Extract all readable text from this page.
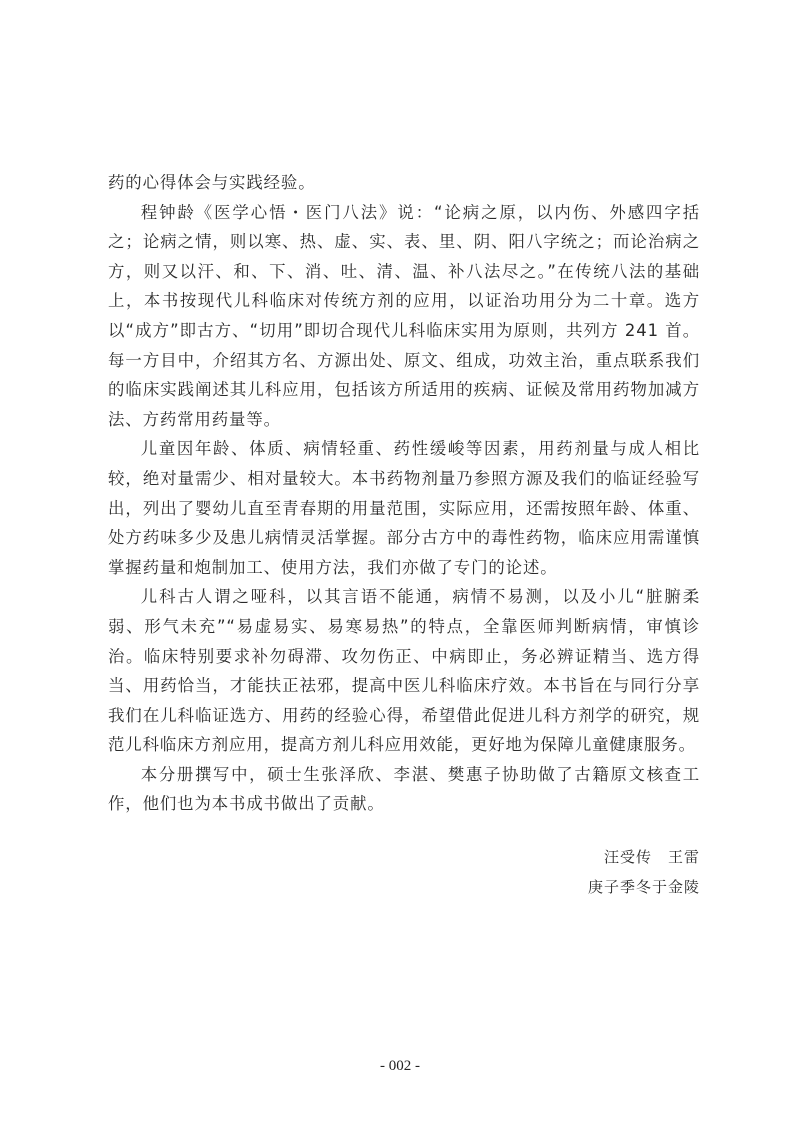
药的心得体会与实践经验。

程钟龄《医学心悟・医门八法》说：“论病之原，以内伤、外感四字括之；论病之情，则以寒、热、虚、实、表、里、阴、阳八字统之；而论治病之方，则又以汗、和、下、消、吐、清、温、补八法尽之。”在传统八法的基础上，本书按现代儿科临床对传统方剂的应用，以证治功用分为二十章。选方以“成方”即古方、“切用”即切合现代儿科临床实用为原则，共列方 241 首。每一方目中，介绍其方名、方源出处、原文、组成，功效主治，重点联系我们的临床实践阐述其儿科应用，包括该方所适用的疾病、证候及常用药物加减方法、方药常用药量等。

儿童因年龄、体质、病情轻重、药性缓峻等因素，用药剂量与成人相比较，绝对量需少、相对量较大。本书药物剂量乃参照方源及我们的临证经验写出，列出了婴幼儿直至青春期的用量范围，实际应用，还需按照年龄、体重、处方药味多少及患儿病情灵活掌握。部分古方中的毒性药物，临床应用需谨慎掌握药量和炮制加工、使用方法，我们亦做了专门的论述。

儿科古人谓之哑科，以其言语不能通，病情不易测，以及小儿“脏腑柔弱、形气未充”“易虚易实、易寒易热”的特点，全靠医师判断病情，审慎诊治。临床特别要求补勿碍滞、攻勿伤正、中病即止，务必辨证精当、选方得当、用药恰当，才能扶正祛邪，提高中医儿科临床疗效。本书旨在与同行分享我们在儿科临证选方、用药的经验心得，希望借此促进儿科方剂学的研究，规范儿科临床方剂应用，提高方剂儿科应用效能，更好地为保障儿童健康服务。

本分册撰写中，硕士生张泽欣、李湛、樊惠子协助做了古籍原文核查工作，他们也为本书成书做出了贡献。

汪受传　王雷
庚子季冬于金陵
- 002 -
